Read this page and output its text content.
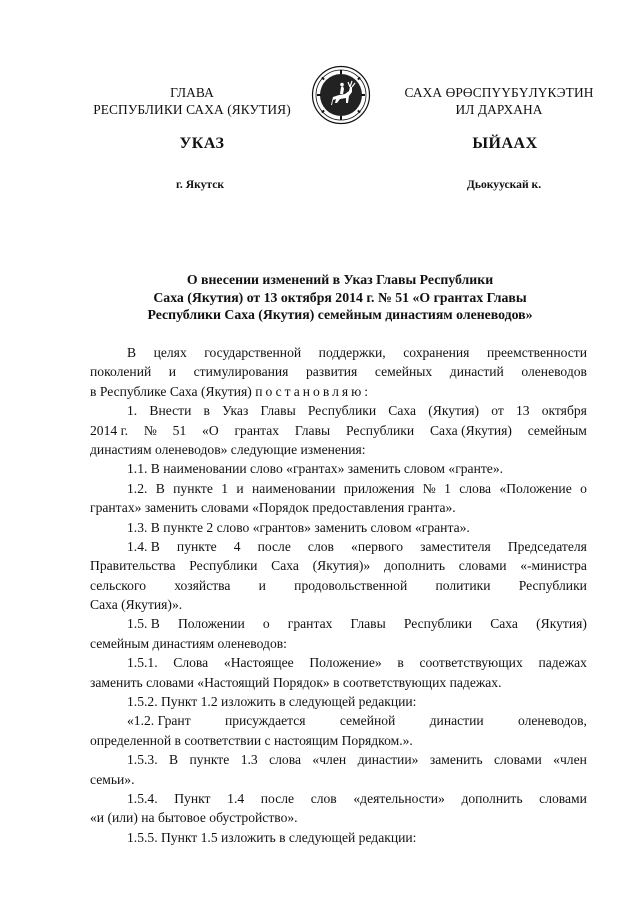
ГЛАВА
РЕСПУБЛИКИ САХА (ЯКУТИЯ)
САХА ӨРӨСПҮҮБҮЛҮКЭТИН
ИЛ ДАРХАНА
УКАЗ	ЫЙААХ
г. Якутск	Дьокуускай к.
О внесении изменений в Указ Главы Республики
Саха (Якутия) от 13 октября 2014 г. № 51 «О грантах Главы
Республики Саха (Якутия) семейным династиям оленеводов»
В целях государственной поддержки, сохранения преемственности
поколений и стимулирования развития семейных династий оленеводов
в Республике Саха (Якутия) постановляю:
1. Внести в Указ Главы Республики Саха (Якутия) от 13 октября
2014 г. № 51 «О грантах Главы Республики Саха (Якутия) семейным
династиям оленеводов» следующие изменения:
1.1. В наименовании слово «грантах» заменить словом «гранте».
1.2. В пункте 1 и наименовании приложения № 1 слова «Положение о
грантах» заменить словами «Порядок предоставления гранта».
1.3. В пункте 2 слово «грантов» заменить словом «гранта».
1.4. В пункте 4 после слов «первого заместителя Председателя
Правительства Республики Саха (Якутия)» дополнить словами «-министра
сельского хозяйства и продовольственной политики Республики
Саха (Якутия)».
1.5. В Положении о грантах Главы Республики Саха (Якутия)
семейным династиям оленеводов:
1.5.1. Слова «Настоящее Положение» в соответствующих падежах
заменить словами «Настоящий Порядок» в соответствующих падежах.
1.5.2. Пункт 1.2 изложить в следующей редакции:
«1.2. Грант	присуждается	семейной	династии	оленеводов,
определенной в соответствии с настоящим Порядком.».
1.5.3. В пункте 1.3 слова «член династии» заменить словами «член
семьи».
1.5.4. Пункт 1.4 после слов «деятельности» дополнить словами
«и (или) на бытовое обустройство».
1.5.5. Пункт 1.5 изложить в следующей редакции:
